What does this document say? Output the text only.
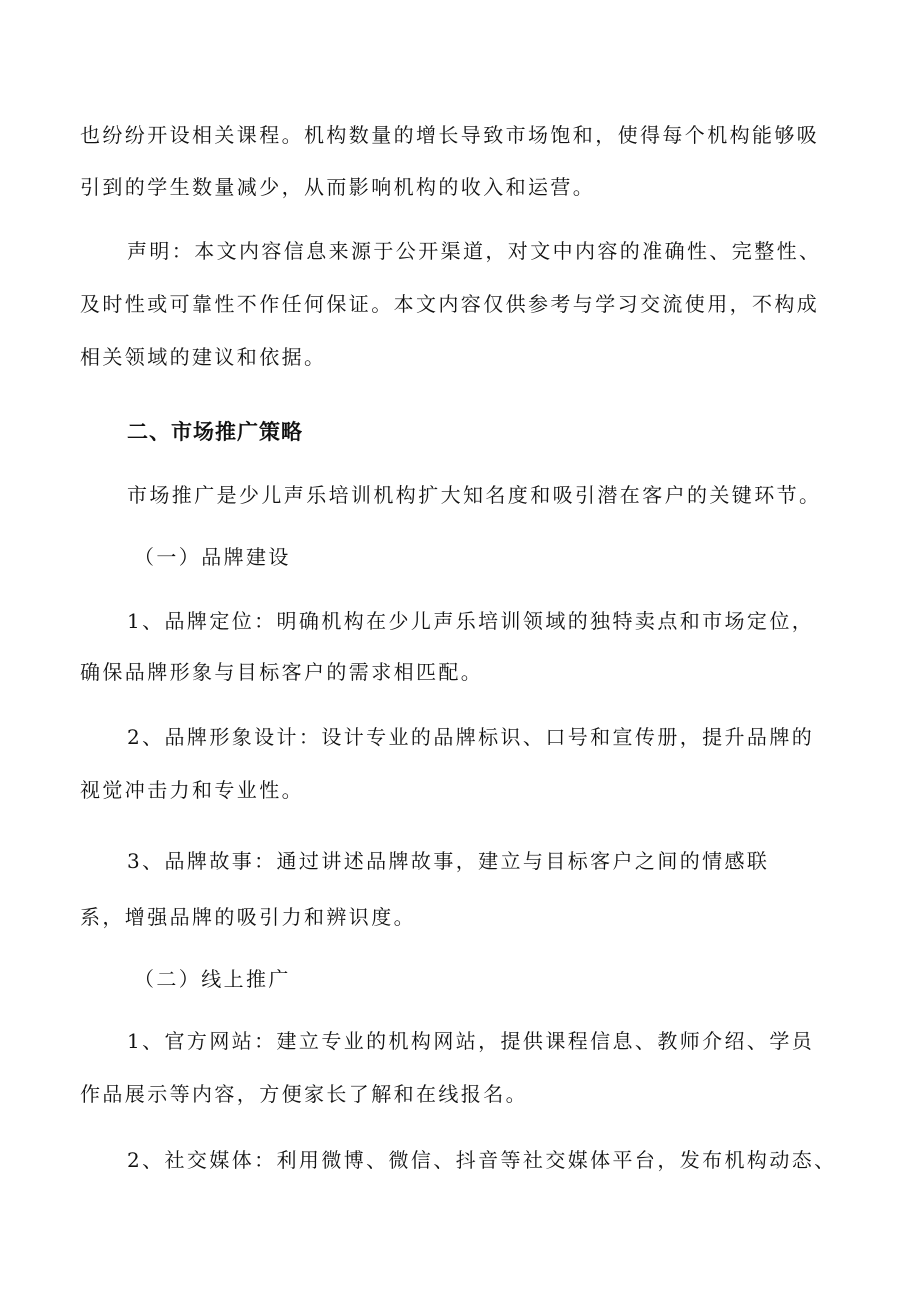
也纷纷开设相关课程。机构数量的增长导致市场饱和，使得每个机构能够吸
引到的学生数量减少，从而影响机构的收入和运营。
声明：本文内容信息来源于公开渠道，对文中内容的准确性、完整性、
及时性或可靠性不作任何保证。本文内容仅供参考与学习交流使用，不构成
相关领域的建议和依据。
二、市场推广策略
市场推广是少儿声乐培训机构扩大知名度和吸引潜在客户的关键环节。
（一）品牌建设
1、品牌定位：明确机构在少儿声乐培训领域的独特卖点和市场定位，
确保品牌形象与目标客户的需求相匹配。
2、品牌形象设计：设计专业的品牌标识、口号和宣传册，提升品牌的
视觉冲击力和专业性。
3、品牌故事：通过讲述品牌故事，建立与目标客户之间的情感联
系，增强品牌的吸引力和辨识度。
（二）线上推广
1、官方网站：建立专业的机构网站，提供课程信息、教师介绍、学员
作品展示等内容，方便家长了解和在线报名。
2、社交媒体：利用微博、微信、抖音等社交媒体平台，发布机构动态、
